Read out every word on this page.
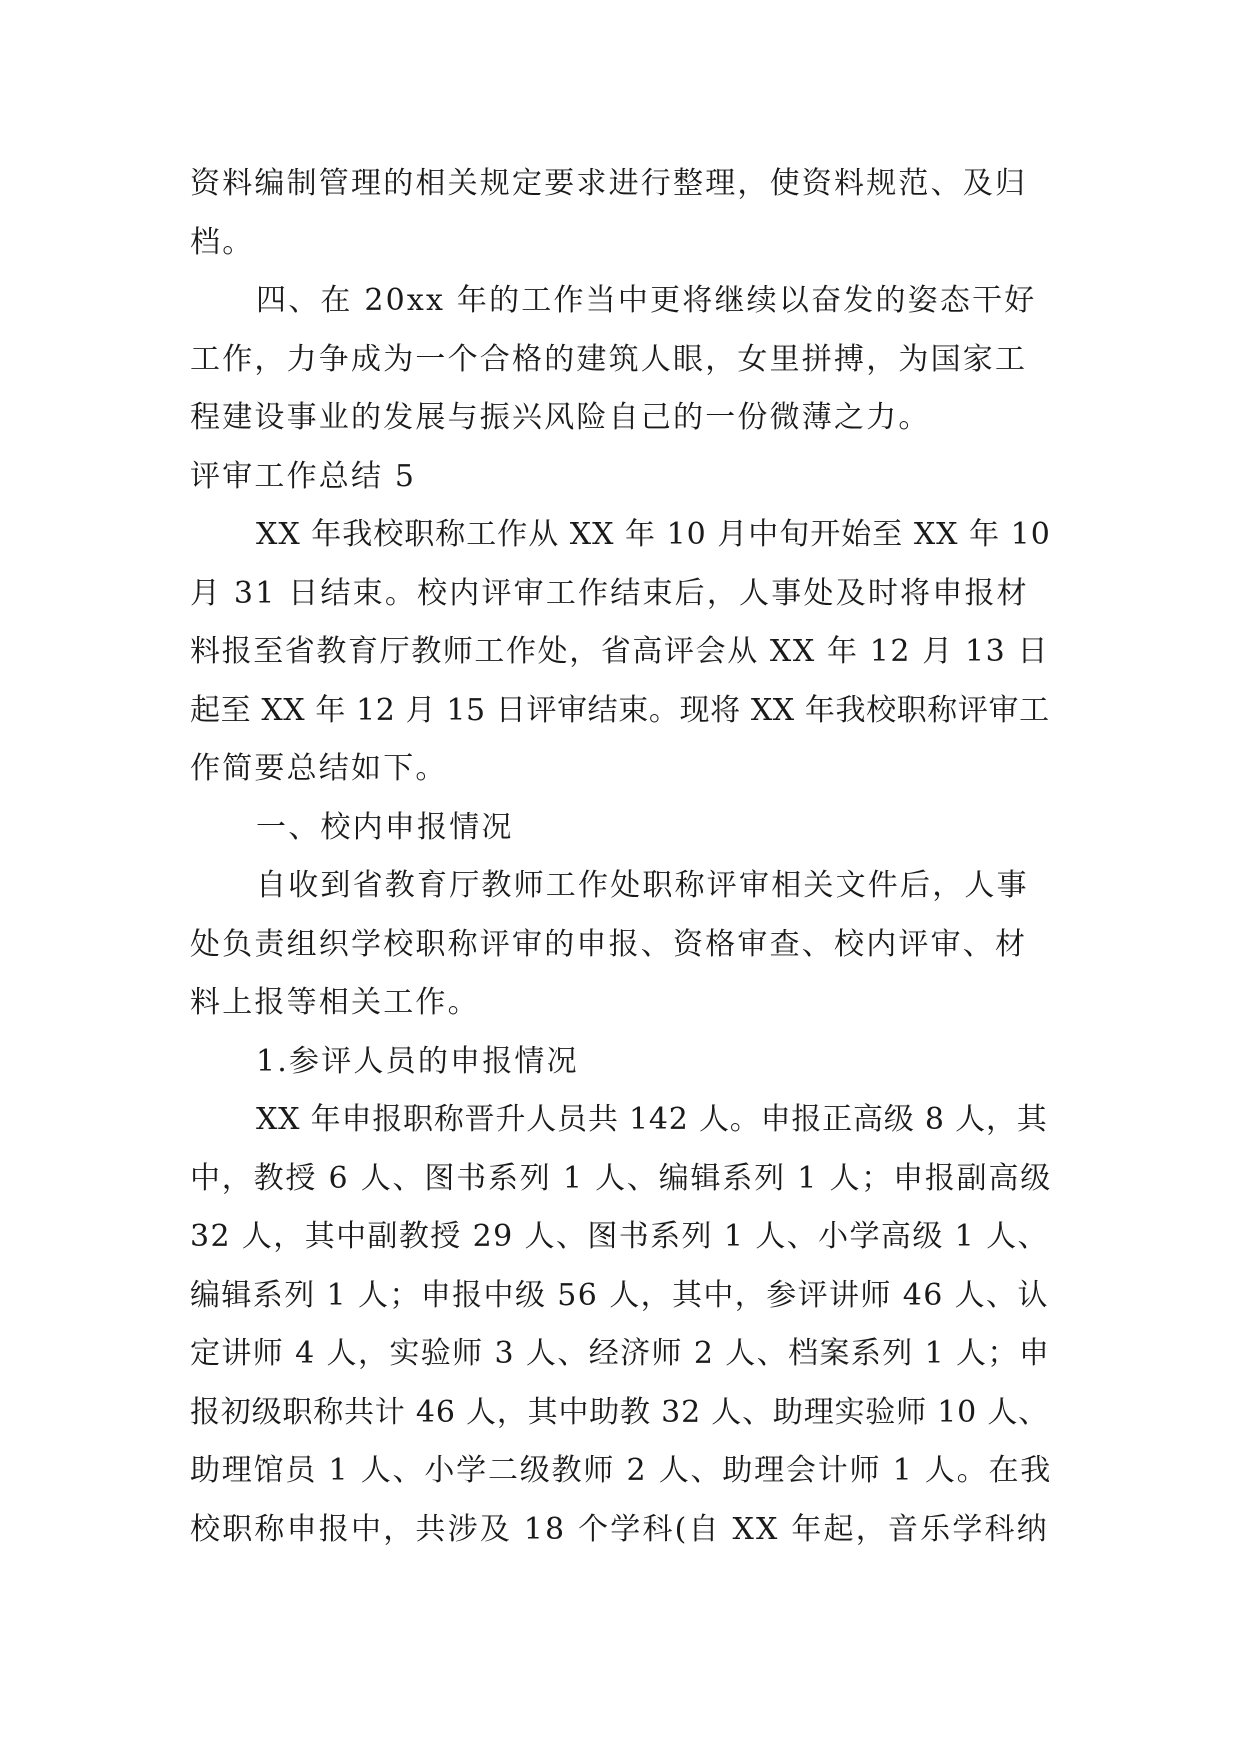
资料编制管理的相关规定要求进行整理，使资料规范、及归
档。
四、在 20xx 年的工作当中更将继续以奋发的姿态干好
工作，力争成为一个合格的建筑人眼，女里拼搏，为国家工
程建设事业的发展与振兴风险自己的一份微薄之力。
评审工作总结 5
XX 年我校职称工作从 XX 年 10 月中旬开始至 XX 年 10
月 31 日结束。校内评审工作结束后，人事处及时将申报材
料报至省教育厅教师工作处，省高评会从 XX 年 12 月 13 日
起至 XX 年 12 月 15 日评审结束。现将 XX 年我校职称评审工
作简要总结如下。
一、校内申报情况
自收到省教育厅教师工作处职称评审相关文件后，人事
处负责组织学校职称评审的申报、资格审查、校内评审、材
料上报等相关工作。
1.参评人员的申报情况
XX 年申报职称晋升人员共 142 人。申报正高级 8 人，其
中，教授 6 人、图书系列 1 人、编辑系列 1 人；申报副高级
32 人，其中副教授 29 人、图书系列 1 人、小学高级 1 人、
编辑系列 1 人；申报中级 56 人，其中，参评讲师 46 人、认
定讲师 4 人，实验师 3 人、经济师 2 人、档案系列 1 人；申
报初级职称共计 46 人，其中助教 32 人、助理实验师 10 人、
助理馆员 1 人、小学二级教师 2 人、助理会计师 1 人。在我
校职称申报中，共涉及 18 个学科(自 XX 年起，音乐学科纳
